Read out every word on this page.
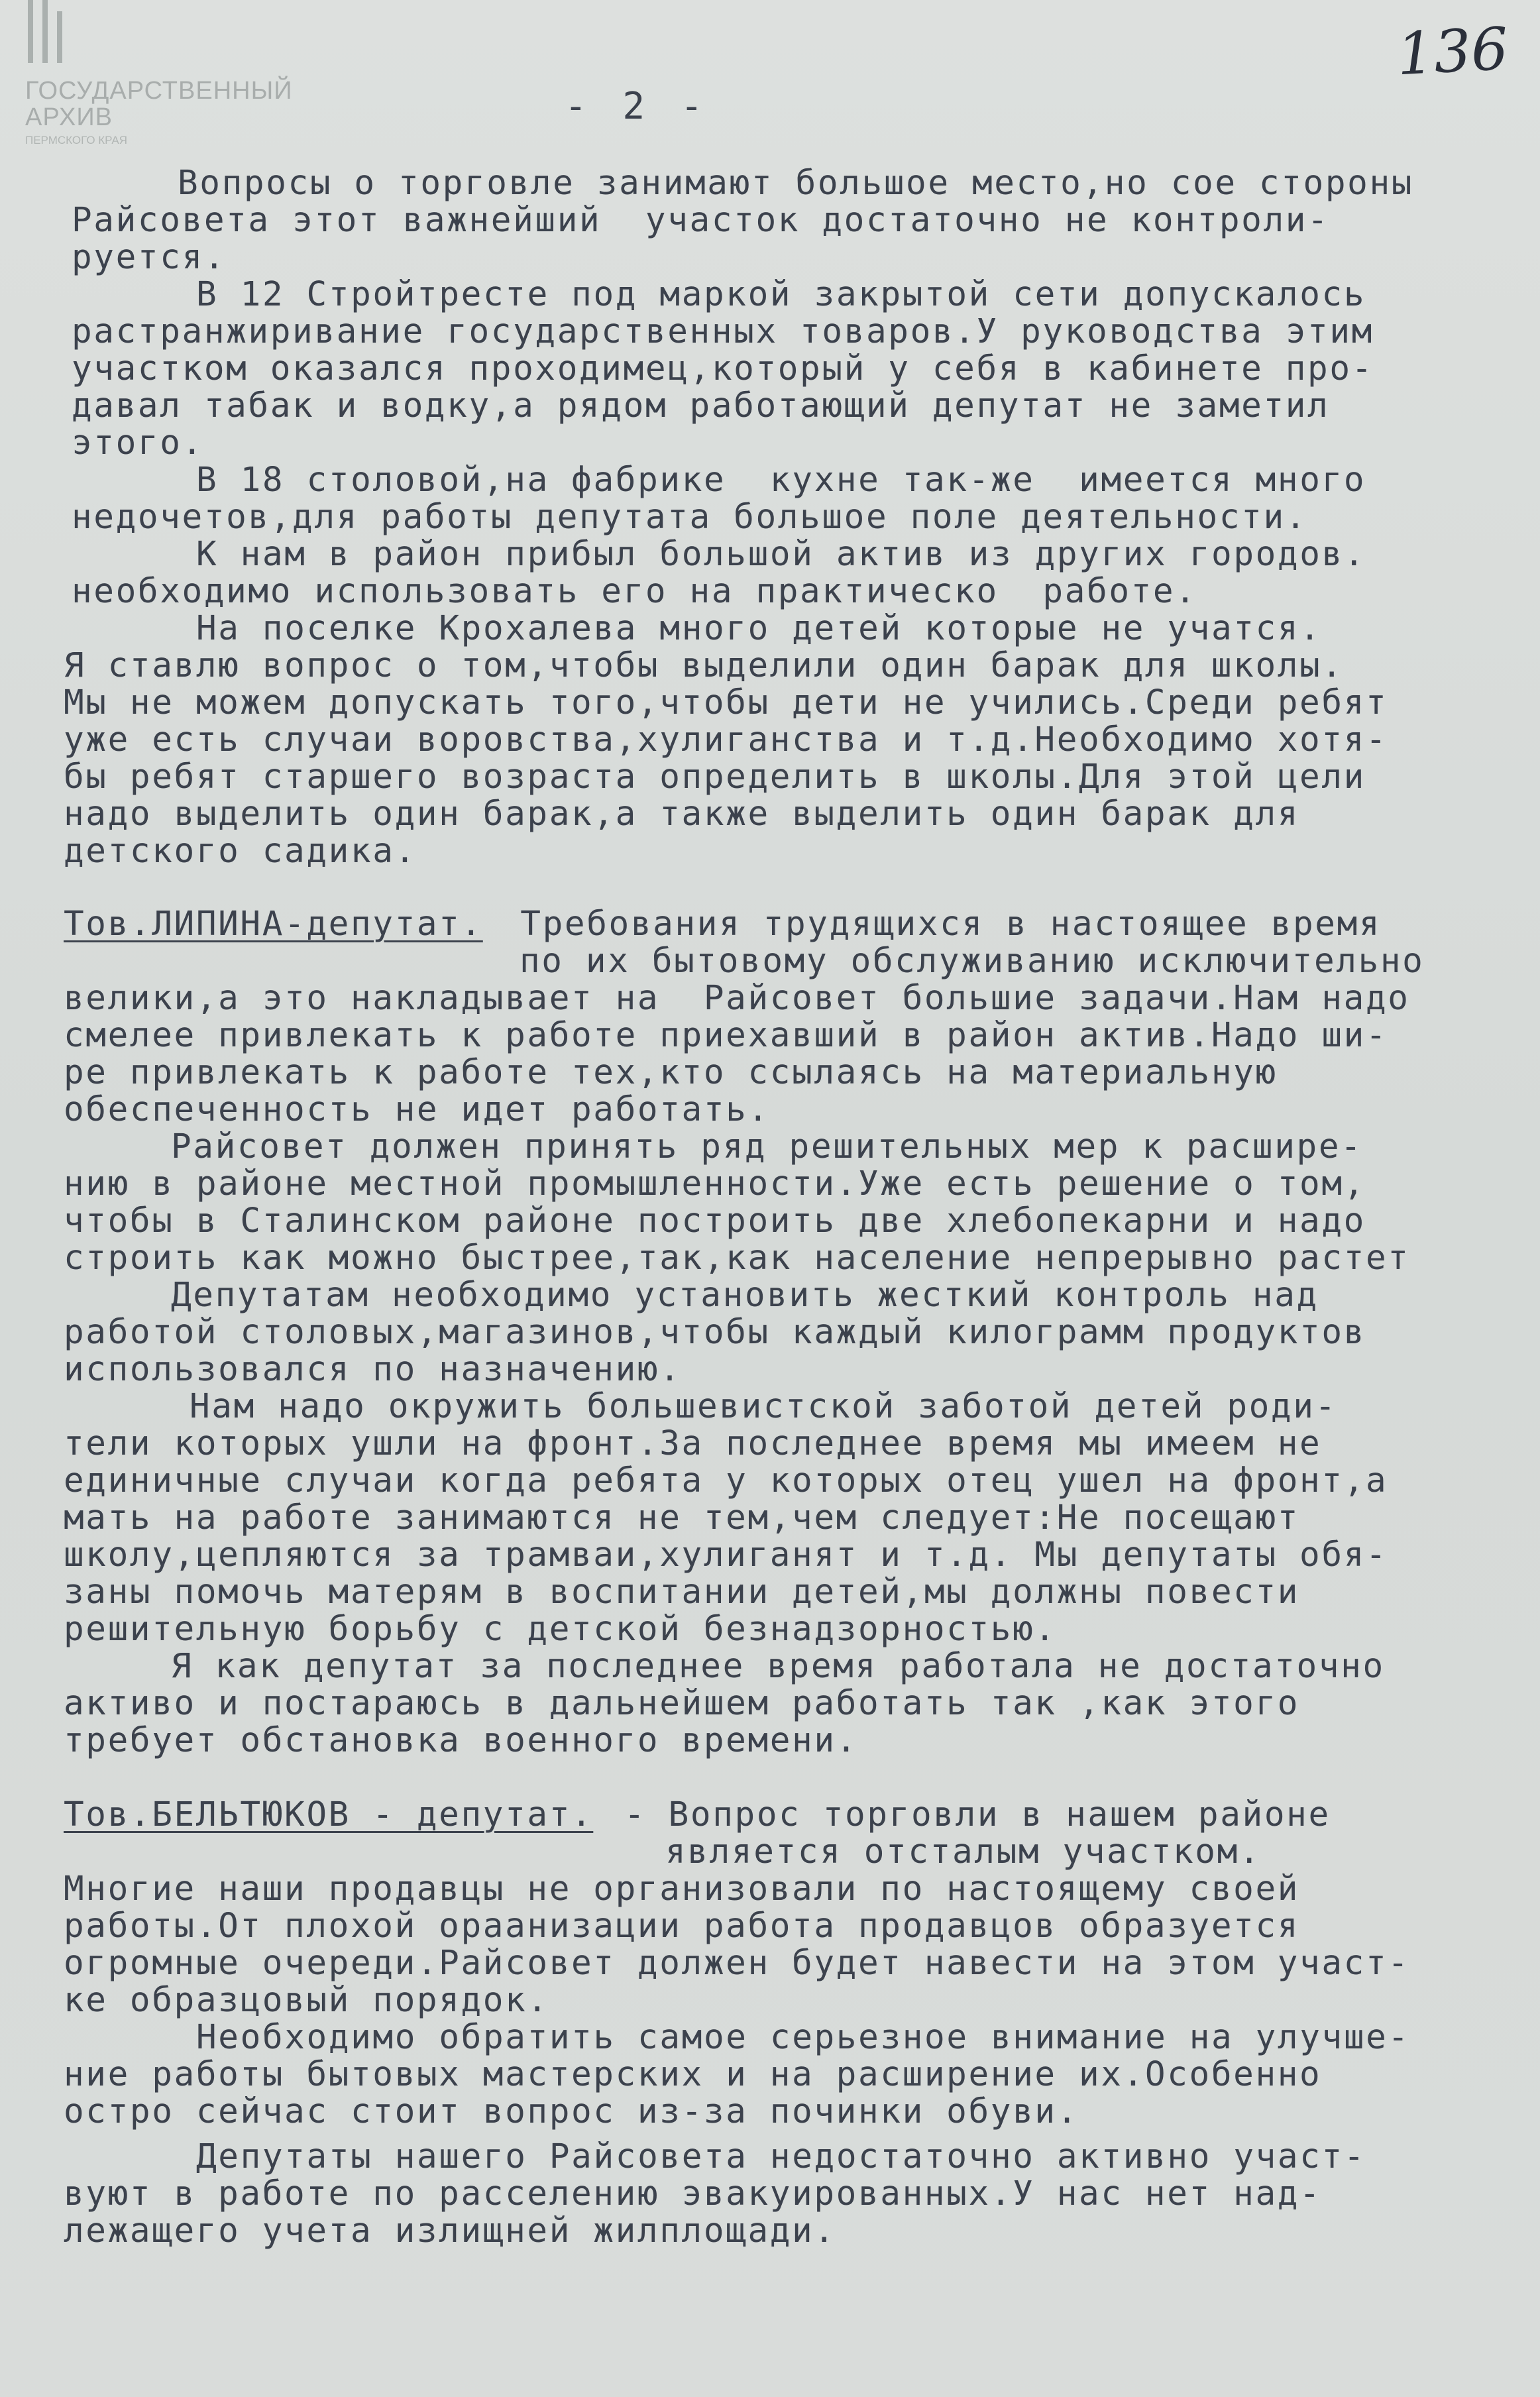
ГОСУДАРСТВЕННЫЙ
АРХИВ
ПЕРМСКОГО КРАЯ
136
- 2 -
Вопросы о торговле занимают большое место,но сое стороны
Райсовета этот важнейший  участок достаточно не контроли-
руется.
В 12 Стройтресте под маркой закрытой сети допускалось
растранжиривание государственных товаров.У руководства этим
участком оказался проходимец,который у себя в кабинете про-
давал табак и водку,а рядом работающий депутат не заметил
этого.
В 18 столовой,на фабрике  кухне так-же  имеется много
недочетов,для работы депутата большое поле деятельности.
К нам в район прибыл большой актив из других городов.
необходимо использовать его на практическо  работе.
На поселке Крохалева много детей которые не учатся.
Я ставлю вопрос о том,чтобы выделили один барак для школы.
Мы не можем допускать того,чтобы дети не учились.Среди ребят
уже есть случаи воровства,хулиганства и т.д.Необходимо хотя-
бы ребят старшего возраста определить в школы.Для этой цели
надо выделить один барак,а также выделить один барак для
детского садика.
Тов.ЛИПИНА-депутат. Требования трудящихся в настоящее время
по их бытовому обслуживанию исключительно
велики,а это накладывает на  Райсовет большие задачи.Нам надо
смелее привлекать к работе приехавший в район актив.Надо ши-
ре привлекать к работе тех,кто ссылаясь на материальную
обеспеченность не идет работать.
Райсовет должен принять ряд решительных мер к расшире-
нию в районе местной промышленности.Уже есть решение о том,
чтобы в Сталинском районе построить две хлебопекарни и надо
строить как можно быстрее,так,как население непрерывно растет
Депутатам необходимо установить жесткий контроль над
работой столовых,магазинов,чтобы каждый килограмм продуктов
использовался по назначению.
Нам надо окружить большевистской заботой детей роди-
тели которых ушли на фронт.За последнее время мы имеем не
единичные случаи когда ребята у которых отец ушел на фронт,а
мать на работе занимаются не тем,чем следует:Не посещают
школу,цепляются за трамваи,хулиганят и т.д. Мы депутаты обя-
заны помочь матерям в воспитании детей,мы должны повести
решительную борьбу с детской безнадзорностью.
Я как депутат за последнее время работала не достаточно
активо и постараюсь в дальнейшем работать так ,как этого
требует обстановка военного времени.
Тов.БЕЛЬТЮКОВ - депутат. - Вопрос торговли в нашем районе
является отсталым участком.
Многие наши продавцы не организовали по настоящему своей
работы.От плохой ораанизации работа продавцов образуется
огромные очереди.Райсовет должен будет навести на этом участ-
ке образцовый порядок.
Необходимо обратить самое серьезное внимание на улучше-
ние работы бытовых мастерских и на расширение их.Особенно
остро сейчас стоит вопрос из-за починки обуви.
Депутаты нашего Райсовета недостаточно активно участ-
вуют в работе по расселению эвакуированных.У нас нет над-
лежащего учета излищней жилплощади.
